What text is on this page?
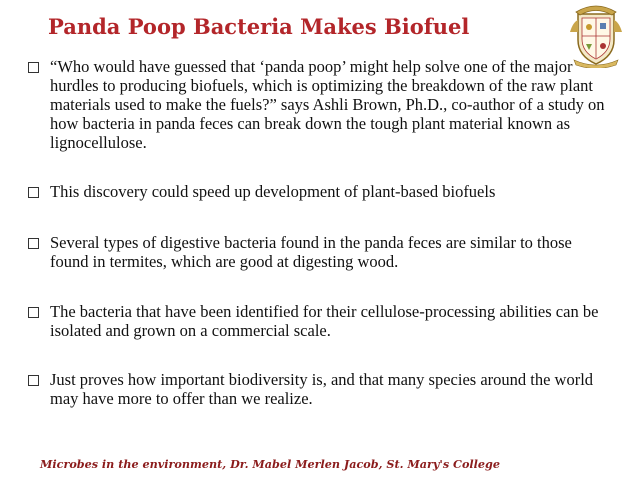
Panda Poop Bacteria Makes Biofuel

“Who would have guessed that ‘panda poop’ might help solve one of the major hurdles to producing biofuels, which is optimizing the breakdown of the raw plant materials used to make the fuels?” says Ashli Brown, Ph.D., co-author of a study on how bacteria in panda feces can break down the tough plant material known as lignocellulose.

This discovery could speed up development of plant-based biofuels

Several types of digestive bacteria found in the panda feces are similar to those found in termites, which are good at digesting wood.

The bacteria that have been identified for their cellulose-processing abilities can be isolated and grown on a commercial scale.

Just proves how important biodiversity is, and that many species around the world may have more to offer than we realize.

Microbes in the environment, Dr. Mabel Merlen Jacob, St. Mary's College
